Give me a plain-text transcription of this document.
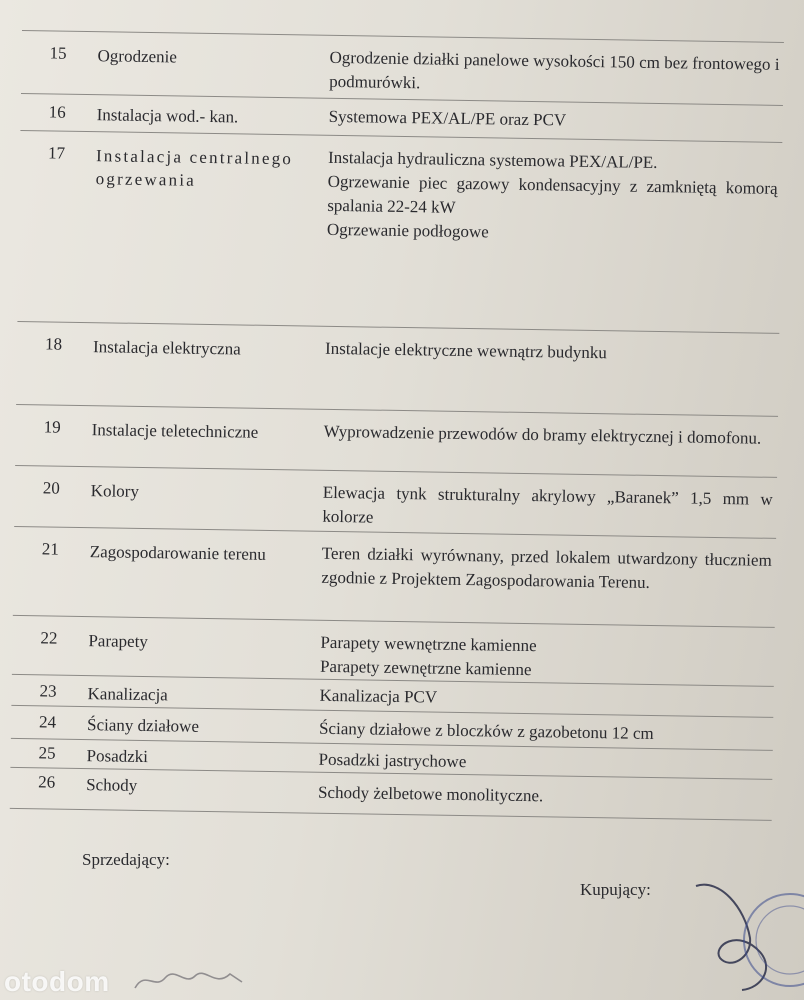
15 Ogrodzenie	Ogrodzenie działki panelowe wysokości 150 cm bez frontowego i podmurówki.
16 Instalacja wod.- kan.	Systemowa PEX/AL/PE oraz PCV
17 Instalacja centralnego ogrzewania
Instalacja hydrauliczna systemowa PEX/AL/PE.
Ogrzewanie piec gazowy kondensacyjny z zamkniętą komorą spalania 22-24 kW
Ogrzewanie podłogowe
18 Instalacja elektryczna	Instalacje elektryczne wewnątrz budynku
19 Instalacje teletechniczne	Wyprowadzenie przewodów do bramy elektrycznej i domofonu.
20 Kolory	Elewacja tynk strukturalny akrylowy „Baranek” 1,5 mm w kolorze
21 Zagospodarowanie terenu	Teren działki wyrównany, przed lokalem utwardzony tłucznie​m zgodnie z Projektem Zagospodarowania Terenu.
22 Parapety	Parapety wewnętrzne kamienne
Parapety zewnętrzne kamienne
23 Kanalizacja	Kanalizacja PCV
24 Ściany działowe	Ściany działowe z bloczków z gazobetonu 12 cm
25 Posadzki	Posadzki jastrychowe
26 Schody	Schody żelbetowe monolityczne.
Sprzedający:
Kupujący:
otodom
